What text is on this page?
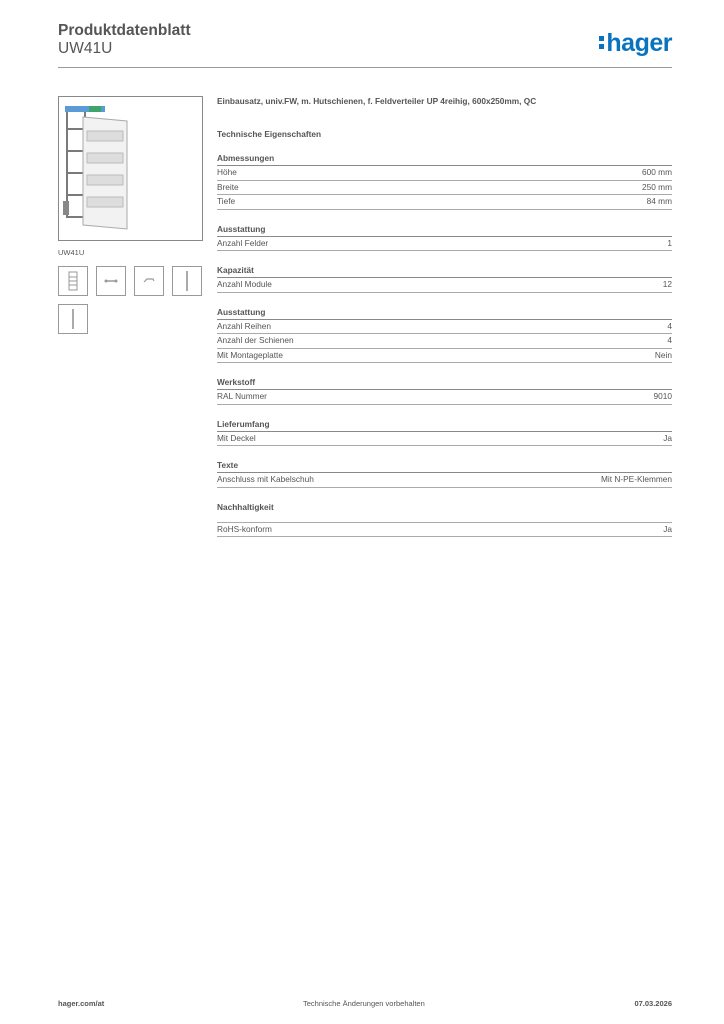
Produktdatenblatt
UW41U	hager
UW41U
Einbausatz, univ.FW, m. Hutschienen, f. Feldverteiler UP 4reihig, 600x250mm, QC
Technische Eigenschaften
Abmessungen
Höhe	600 mm
Breite	250 mm
Tiefe	84 mm
Ausstattung
Anzahl Felder	1
Kapazität
Anzahl Module	12
Ausstattung
Anzahl Reihen	4
Anzahl der Schienen	4
Mit Montageplatte	Nein
Werkstoff
RAL Nummer	9010
Lieferumfang
Mit Deckel	Ja
Texte
Anschluss mit Kabelschuh	Mit N-PE-Klemmen
Nachhaltigkeit
RoHS-konform	Ja
hager.com/at	Technische Änderungen vorbehalten	07.03.2026
